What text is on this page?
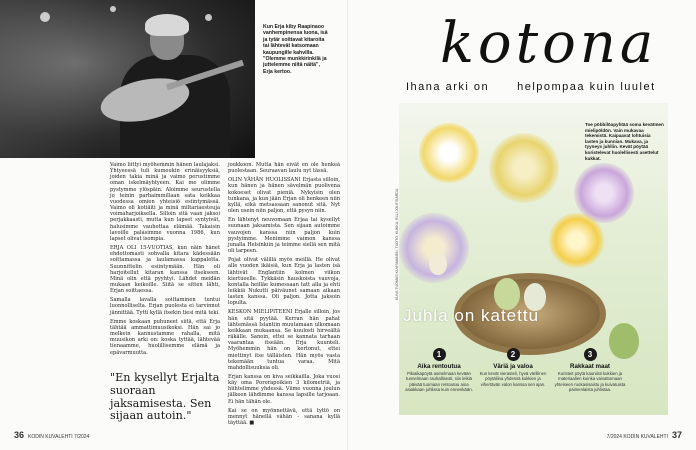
Kun Erja kiby Raapinaoo vanhempinensa luona, isä ja tytär soittavat kitaroita tai lähtevät katsomaan kaupungille kahvilla. "Olemme munkkirinkilä ja juttelemme niitä näitä", Erja kertoo.

Vaimo liittyi myöhemmin hänen laulajaksi. Yhtyeessä tuli kumoukin erinäisyyksiä, joiden takia minä ja vaimo perustimme oman iskelmäyhtyeen. Kai me olimme pystymme ylöspäin. Aloimme seurustella jo teinin parhaimmillaan sata keikkaa vuodessa omien yhteisiö esiintymässä. Vaimo oli kotiäiti ja minä miltariaesteuja voimaharjoiksella. Silloin sitä vaan jaksoi perjakkaasti, mutta kun lapset syntyivät, halusimme vauhottaa elämää. Takaisin lavoille palasimme vuonna 1986, kun lapset olivat isompia.

ERJA OLI 15-VUOTIAS, kun näin hänet ehdottomasti sohvalla kitara kädessään soittamassa ja laulamassa kappaletta. Suunnittelin esiintymään. Hän oli harjoitellut kitaran kanssa itsekseen. Minä olin että pyyhtyi. Lähdet meidän mukaan keikoille. Siitä se sitten lähti, Erjan soittaessa.

Samalla lavalla soittaminen tuntui luonnolliselta. Erjan puolesta ei tarvinnut jännittää. Tytti kyllä itsekin tiesi mitä teki.

Emme koskaan puhuneet siitä, että Erja tähtää ammattimuusikoksi. Hän sai jo melkein kannustamme rahalla, mitä muusikon arki on: koska tyttää, lähtevää tienaamme, huolillisemme elämä ja epävarmuutta.

"En kysellyt Erjalta suoraan jaksamisesta. Sen sijaan autoin."

joukkoon. Mutta hän eivät en ole henkeä puolestaan. Seuraavan laulu nyt tässä.

OLIN VÄHÄN HUOLISSANI Erjasta silloin, kun hänen ja hänen sävelmän puolivena kokoeset olivat pieniä. Nykyisin olen tunkana, ja kun jään Erjan oli henkeen niin kyllä, eikä metsassaan sanonut sitä. Nyt olen usein niin paljon, että pysyn niin.

En lähtenyt neuvomaan Erjaa tai kysellyt suunaan jaksamista. Sen sijaan autoimme vauvojen kanssa niin paljon kuin pystyimme. Menimme vaimon kanssa junalla Helsinkiin ja teimme siellä sen mitä oli tarpeen.

Pojat olivat välillä myös meillä. He olivat alle vuoden ikäisiä, kun Erja ja lasten isä lähtivät Englantiin kolmen viikon kiertueelle. Tykkäsin hauskoista vauvoja, kontalla heilläe kumessaan tatt alla ja ehti leikkiä Nukutti päiväunet samaan aikaan lasten kanssa. Oli paljon. Jotta jaksoin lopulta.

KESKON MIELIPITEENI Erjalle silloin, jos hän sitä pyytää. Kerran hän pahat lähtemässä Islantiin muutamaan ulkomaan keikkaan mukaansa. Se kuulosti hirveältä räkälle. Sanoin, ettei se kannata tarhaan vaarantaa itseään. Erja kuunteli. Myöhemmin hän on kertonut, ettei miettinyt itse tälläisten. Hän myös vasta tekemään tuntua varaa. Mitä mahdollisuuksia oli.

Erjan kanssa on kiva seikkailla. Joka vuosi käy oma Pororapoikien 3 kilometriä, ja hiihtelimme yhdessä. Viime vuonna joulun jälkeen lähdimme kanssa lapsille tarjoaan. Ei hän tähän ole.

Kai se on myönnettävä, että tyttö on mennyt hänellä vähän - sanana kyllä täyttää. ■

36 KODIN KUVALEHTI 7/2024
kotona
Ihana arki on	helpompaa kuin luulet
Toe pöbbilöapyhtää soma kevätmen mielipöldön. Vain mukavaa tekemistä. Kaipaavat lohtuisia lasten ja kunnian. Mukava, ja tyyneys juhliin. Kevät pöytää koristelevat huolellisesti asettelut kukkat.
KUVA TUOMAS KUUSMANEN, TUOTO, KUKKA: ELLI JOUTSIARDA
Juhla on katettu
1
Aika rentoutua
Pikiaikapöytä asetelmaan kevään tunnelmaan rauhallisesti, siis leikiä päivää tuomaan rentoutuu aina asiakkaan juhlissa kuin ennenkään.
2
Väriä ja valoa
Kun kevät vierasteli, hyvä värillinen pöytäliina yhdessä kukkien ja vihertävän valon kanssa sen ajan.
3
Rakkaat maat
Koristeit pöytä kauniisti kukkien ja materiaalien kuinka vaivattomaan yhteiseen ruokasisaistu ja kuivatuista paimenlaista juhlistaa.
7/2024 KODIN KUVALEHTI 37
